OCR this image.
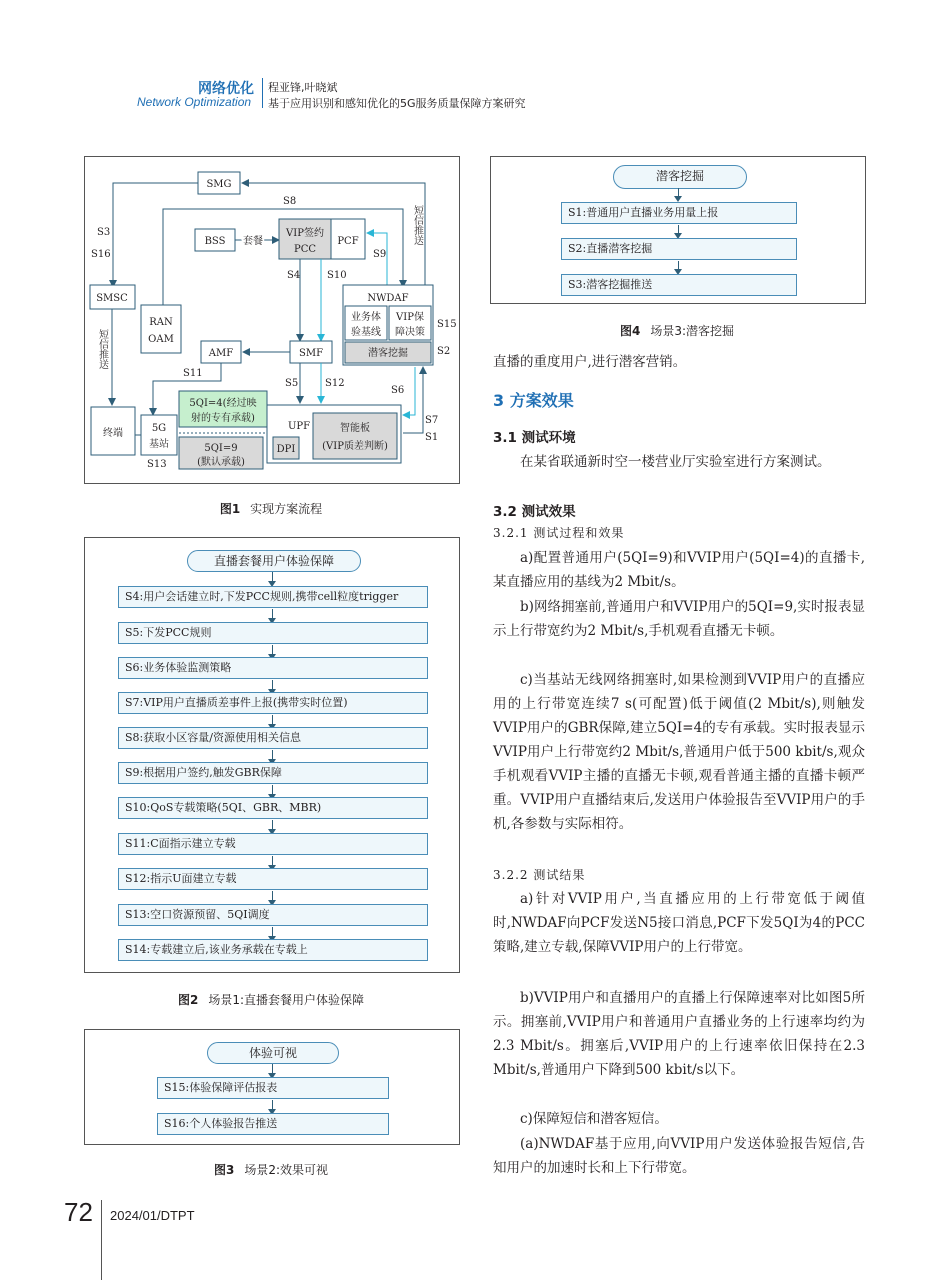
网络优化
Network Optimization
程亚锋,叶晓斌
基于应用识别和感知优化的5G服务质量保障方案研究
SMG
S3
S16
短信推送
S8
BSS 套餐
VIP签约
PCC
PCF
S9
S4	S10
SMSC
短信推送
RAN
OAM
NWDAF
业务体
验基线
VIP保
障决策
潜客挖掘
S15
S2
AMF	SMF
S11
S5	S12
S6
S7
S1
UPF
DPI
智能板
(VIP质差判断)
5QI=4(经过映
射的专有承载)
5QI=9
(默认承载)
终端	5G
基站
S13
图1 实现方案流程
直播套餐用户体验保障
S4:用户会话建立时,下发PCC规则,携带cell粒度trigger
S5:下发PCC规则
S6:业务体验监测策略
S7:VIP用户直播质差事件上报(携带实时位置)
S8:获取小区容量/资源使用相关信息
S9:根据用户签约,触发GBR保障
S10:QoS专载策略(5QI、GBR、MBR)
S11:C面指示建立专载
S12:指示U面建立专载
S13:空口资源预留、5QI调度
S14:专载建立后,该业务承载在专载上
图2 场景1:直播套餐用户体验保障
体验可视
S15:体验保障评估报表
S16:个人体验报告推送
图3 场景2:效果可视
潜客挖掘
S1:普通用户直播业务用量上报
S2:直播潜客挖掘
S3:潜客挖掘推送
图4 场景3:潜客挖掘
直播的重度用户,进行潜客营销。
3 方案效果
3.1 测试环境
在某省联通新时空一楼营业厅实验室进行方案测试。
3.2 测试效果
3.2.1 测试过程和效果
a)配置普通用户(5QI=9)和VVIP用户(5QI=4)的直播卡,某直播应用的基线为2 Mbit/s。
b)网络拥塞前,普通用户和VVIP用户的5QI=9,实时报表显示上行带宽约为2 Mbit/s,手机观看直播无卡顿。
c)当基站无线网络拥塞时,如果检测到VVIP用户的直播应用的上行带宽连续7 s(可配置)低于阈值(2 Mbit/s),则触发VVIP用户的GBR保障,建立5QI=4的专有承载。实时报表显示VVIP用户上行带宽约2 Mbit/s,普通用户低于500 kbit/s,观众手机观看VVIP主播的直播无卡顿,观看普通主播的直播卡顿严重。VVIP用户直播结束后,发送用户体验报告至VVIP用户的手机,各参数与实际相符。
3.2.2 测试结果
a)针对VVIP用户,当直播应用的上行带宽低于阈值时,NWDAF向PCF发送N5接口消息,PCF下发5QI为4的PCC策略,建立专载,保障VVIP用户的上行带宽。
b)VVIP用户和直播用户的直播上行保障速率对比如图5所示。拥塞前,VVIP用户和普通用户直播业务的上行速率均约为2.3 Mbit/s。拥塞后,VVIP用户的上行速率依旧保持在2.3 Mbit/s,普通用户下降到500 kbit/s以下。
c)保障短信和潜客短信。
(a)NWDAF基于应用,向VVIP用户发送体验报告短信,告知用户的加速时长和上下行带宽。
72 2024/01/DTPT
